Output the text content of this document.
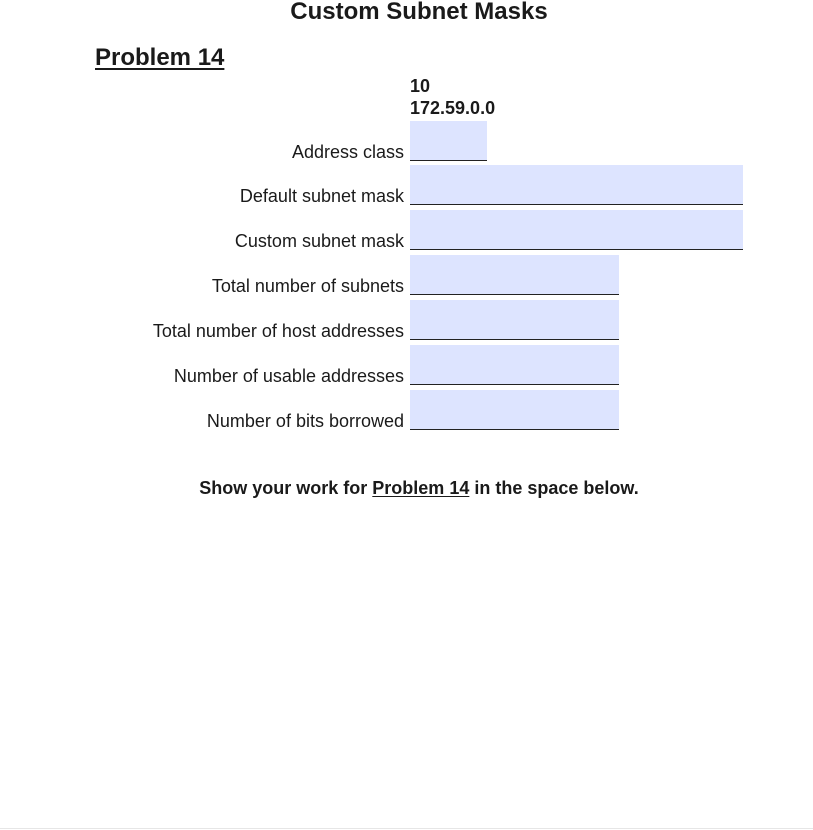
Custom Subnet Masks
Problem 14
10
172.59.0.0
Address class
Default subnet mask
Custom subnet mask
Total number of subnets
Total number of host addresses
Number of usable addresses
Number of bits borrowed
Show your work for Problem 14 in the space below.
